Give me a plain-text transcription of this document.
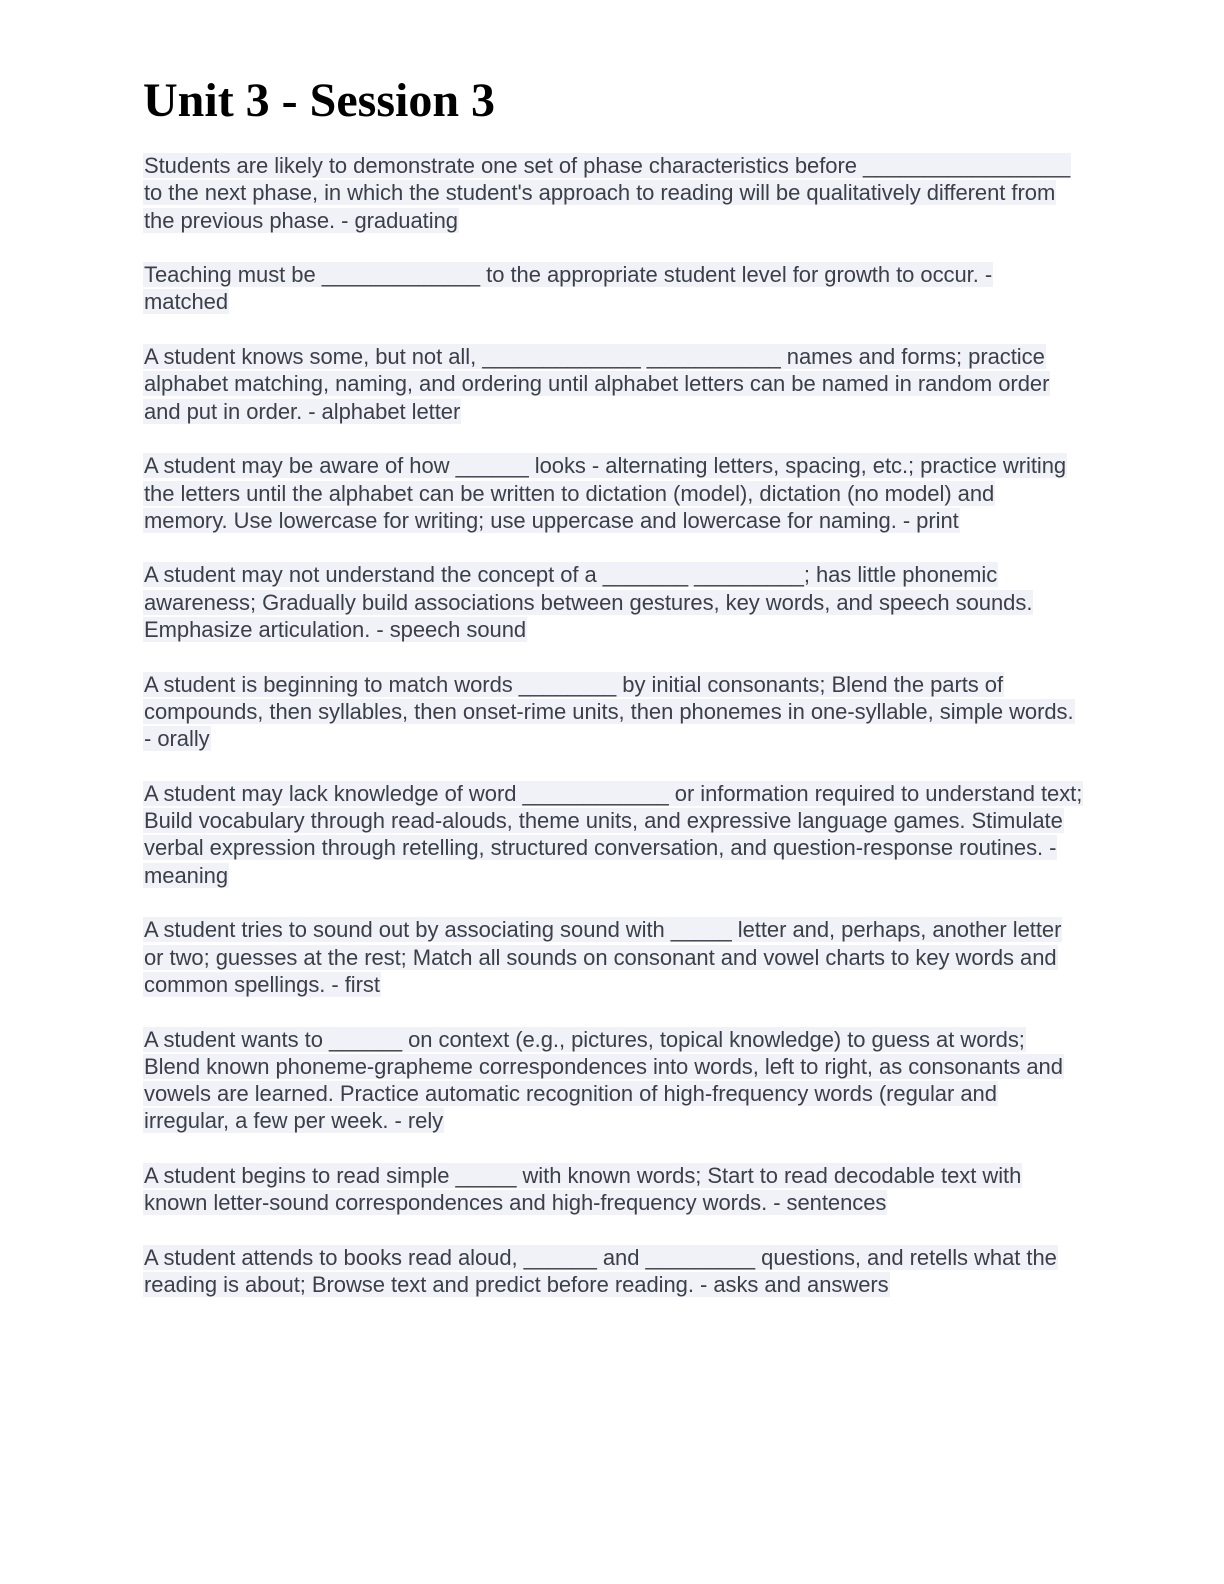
Unit 3 - Session 3

Students are likely to demonstrate one set of phase characteristics before _________________ to the next phase, in which the student's approach to reading will be qualitatively different from the previous phase. - graduating

Teaching must be _____________ to the appropriate student level for growth to occur. - matched

A student knows some, but not all, _____________ ___________ names and forms; practice alphabet matching, naming, and ordering until alphabet letters can be named in random order and put in order. - alphabet letter

A student may be aware of how ______ looks - alternating letters, spacing, etc.; practice writing the letters until the alphabet can be written to dictation (model), dictation (no model) and memory. Use lowercase for writing; use uppercase and lowercase for naming. - print

A student may not understand the concept of a _______ _________; has little phonemic awareness; Gradually build associations between gestures, key words, and speech sounds. Emphasize articulation. - speech sound

A student is beginning to match words ________ by initial consonants; Blend the parts of compounds, then syllables, then onset-rime units, then phonemes in one-syllable, simple words. - orally

A student may lack knowledge of word ____________ or information required to understand text; Build vocabulary through read-alouds, theme units, and expressive language games. Stimulate verbal expression through retelling, structured conversation, and question-response routines. - meaning

A student tries to sound out by associating sound with _____ letter and, perhaps, another letter or two; guesses at the rest; Match all sounds on consonant and vowel charts to key words and common spellings. - first

A student wants to ______ on context (e.g., pictures, topical knowledge) to guess at words; Blend known phoneme-grapheme correspondences into words, left to right, as consonants and vowels are learned. Practice automatic recognition of high-frequency words (regular and irregular, a few per week. - rely

A student begins to read simple _____ with known words; Start to read decodable text with known letter-sound correspondences and high-frequency words. - sentences

A student attends to books read aloud, ______ and _________ questions, and retells what the reading is about; Browse text and predict before reading. - asks and answers
